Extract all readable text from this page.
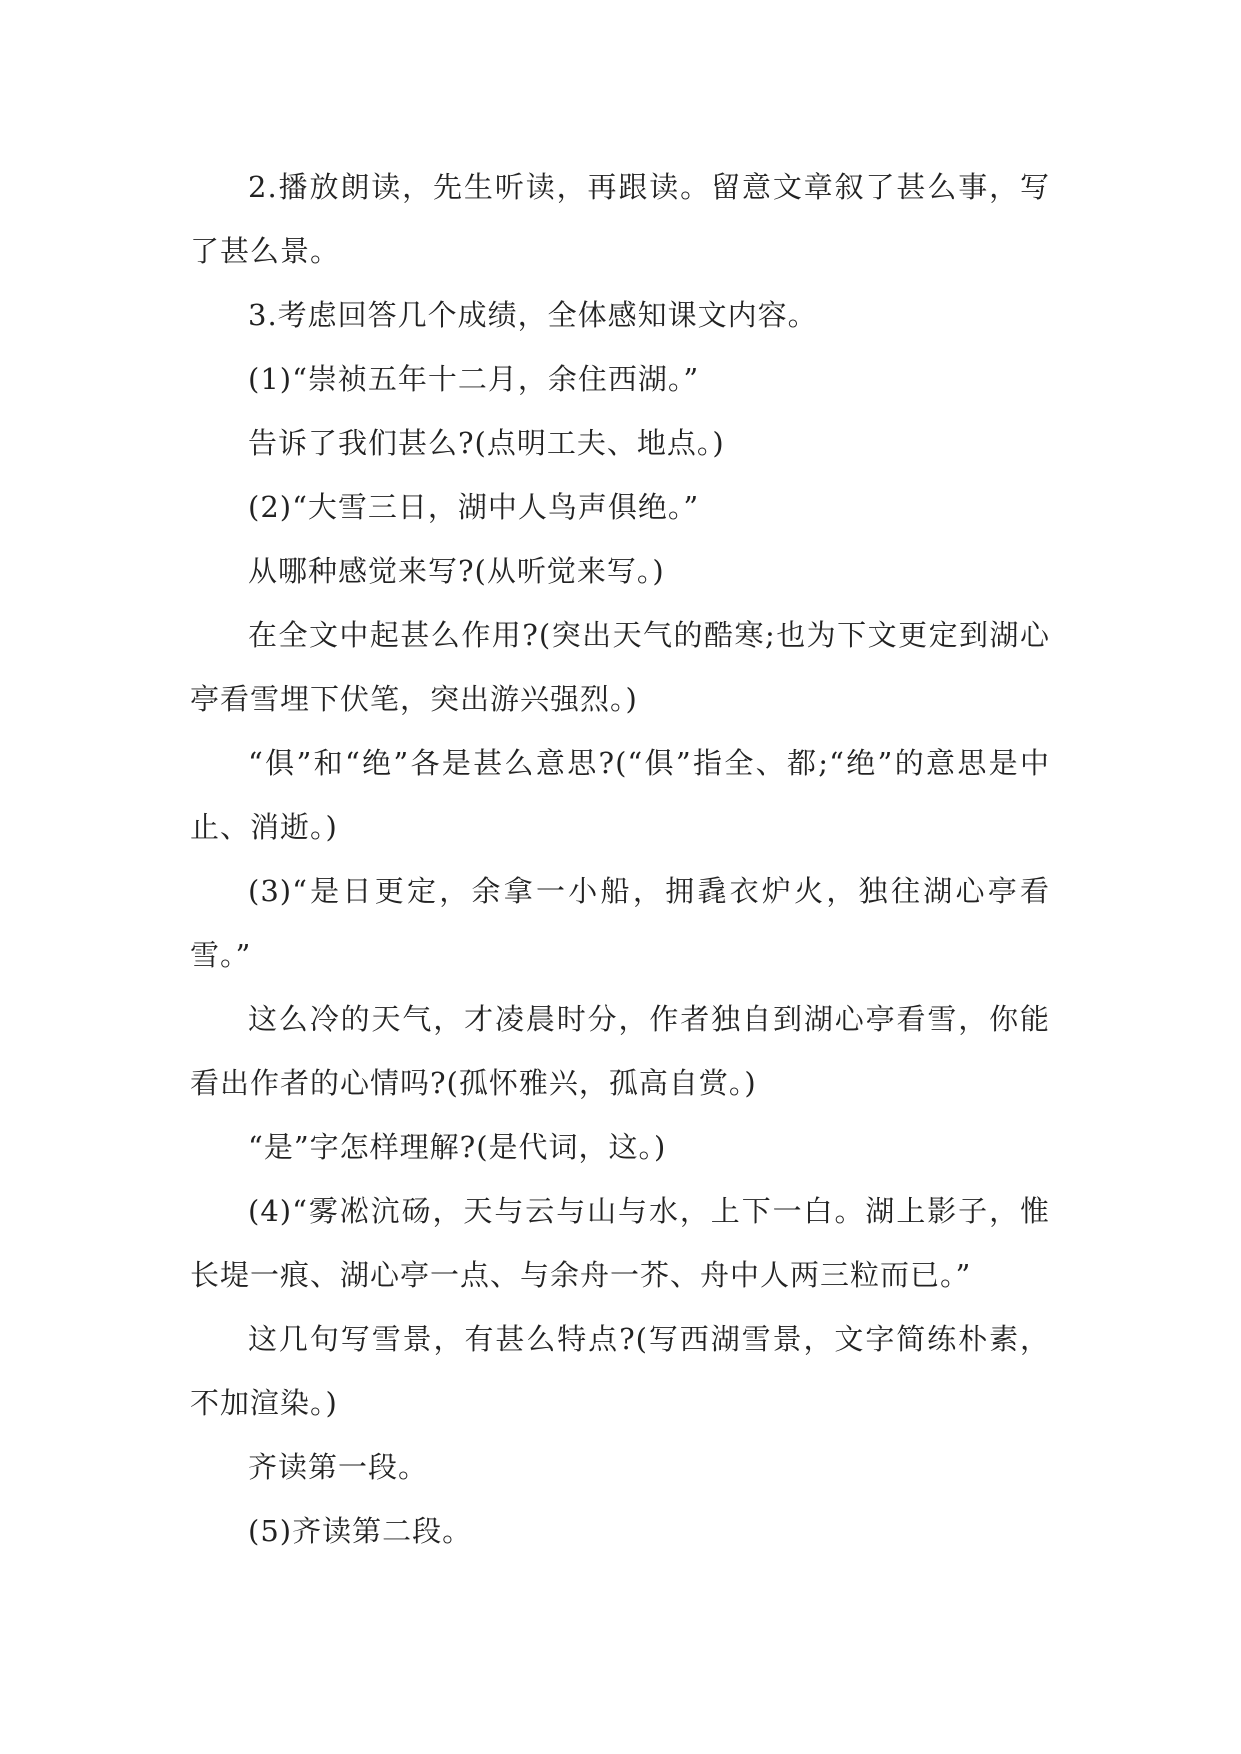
2.播放朗读，先生听读，再跟读。留意文章叙了甚么事，写了甚么景。

3.考虑回答几个成绩，全体感知课文内容。

(1)“崇祯五年十二月，余住西湖。”

告诉了我们甚么?(点明工夫、地点。)

(2)“大雪三日，湖中人鸟声俱绝。”

从哪种感觉来写?(从听觉来写。)

在全文中起甚么作用?(突出天气的酷寒;也为下文更定到湖心亭看雪埋下伏笔，突出游兴强烈。)

“俱”和“绝”各是甚么意思?(“俱”指全、都;“绝”的意思是中止、消逝。)

(3)“是日更定，余拿一小船，拥毳衣炉火，独往湖心亭看雪。”

这么冷的天气，才凌晨时分，作者独自到湖心亭看雪，你能看出作者的心情吗?(孤怀雅兴，孤高自赏。)

“是”字怎样理解?(是代词，这。)

(4)“雾凇沆砀，天与云与山与水，上下一白。湖上影子，惟长堤一痕、湖心亭一点、与余舟一芥、舟中人两三粒而已。”

这几句写雪景，有甚么特点?(写西湖雪景，文字简练朴素，不加渲染。)

齐读第一段。

(5)齐读第二段。
